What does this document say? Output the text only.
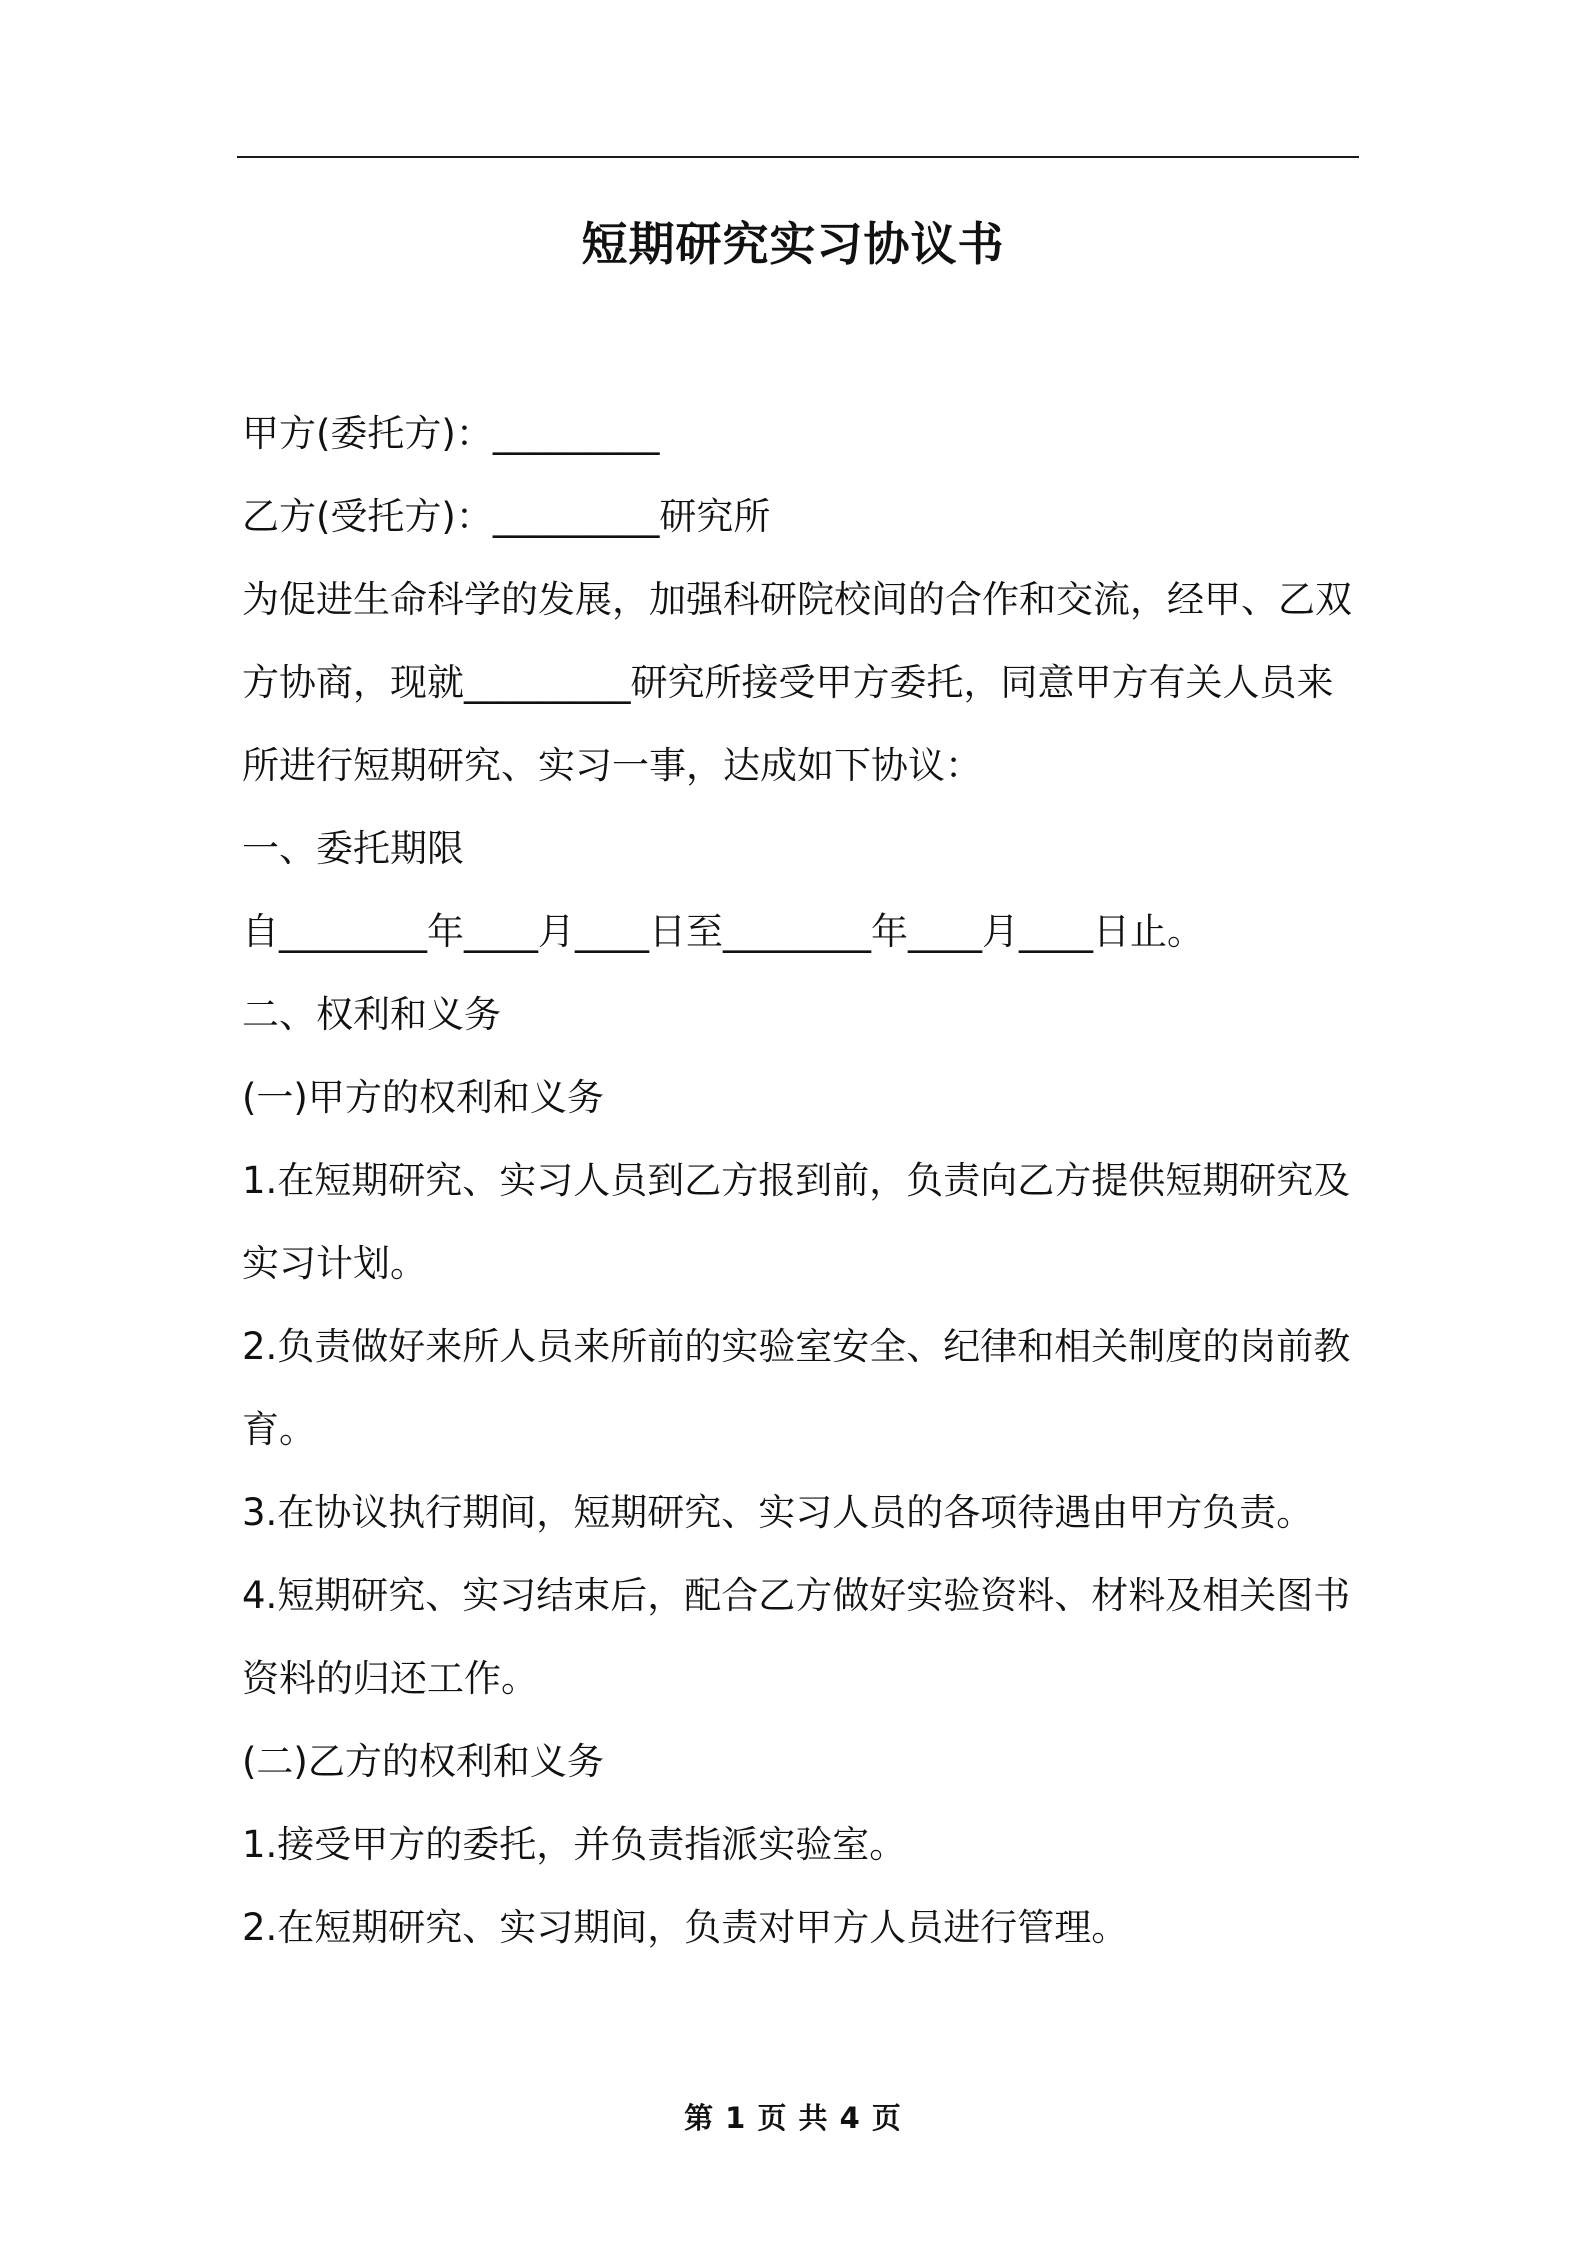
短期研究实习协议书
甲方(委托方)：_________
乙方(受托方)：_________研究所
为促进生命科学的发展，加强科研院校间的合作和交流，经甲、乙双
方协商，现就_________研究所接受甲方委托，同意甲方有关人员来
所进行短期研究、实习一事，达成如下协议：
一、委托期限
自________年____月____日至________年____月____日止。
二、权利和义务
(一)甲方的权利和义务
1.在短期研究、实习人员到乙方报到前，负责向乙方提供短期研究及
实习计划。
2.负责做好来所人员来所前的实验室安全、纪律和相关制度的岗前教
育。
3.在协议执行期间，短期研究、实习人员的各项待遇由甲方负责。
4.短期研究、实习结束后，配合乙方做好实验资料、材料及相关图书
资料的归还工作。
(二)乙方的权利和义务
1.接受甲方的委托，并负责指派实验室。
2.在短期研究、实习期间，负责对甲方人员进行管理。
第 1 页 共 4 页
